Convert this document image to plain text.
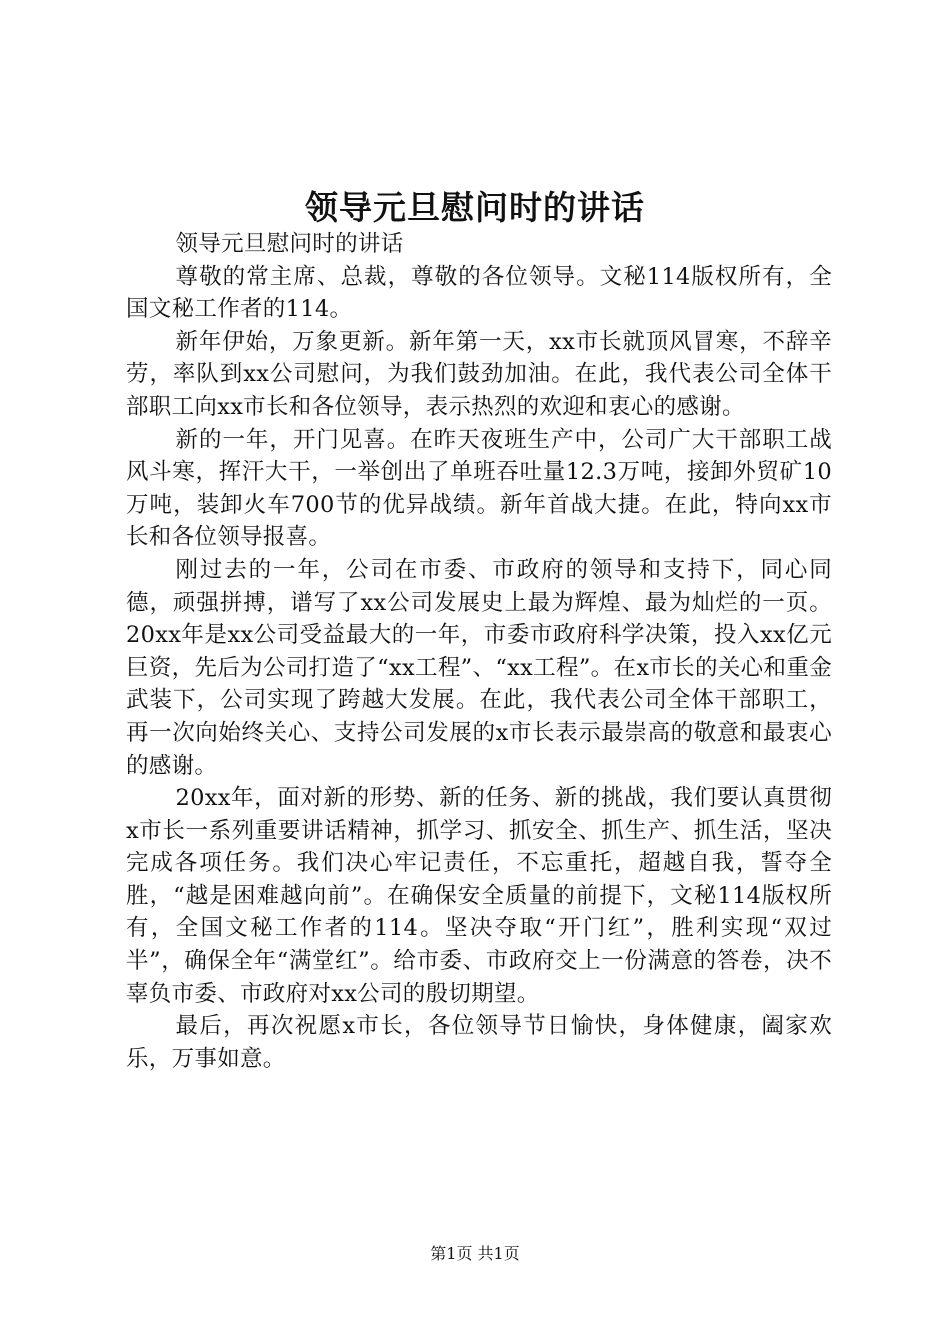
领导元旦慰问时的讲话

领导元旦慰问时的讲话

尊敬的常主席、总裁，尊敬的各位领导。文秘114版权所有，全国文秘工作者的114。

新年伊始，万象更新。新年第一天，xx市长就顶风冒寒，不辞辛劳，率队到xx公司慰问，为我们鼓劲加油。在此，我代表公司全体干部职工向xx市长和各位领导，表示热烈的欢迎和衷心的感谢。

新的一年，开门见喜。在昨天夜班生产中，公司广大干部职工战风斗寒，挥汗大干，一举创出了单班吞吐量12.3万吨，接卸外贸矿10万吨，装卸火车700节的优异战绩。新年首战大捷。在此，特向xx市长和各位领导报喜。

刚过去的一年，公司在市委、市政府的领导和支持下，同心同德，顽强拼搏，谱写了xx公司发展史上最为辉煌、最为灿烂的一页。20xx年是xx公司受益最大的一年，市委市政府科学决策，投入xx亿元巨资，先后为公司打造了“xx工程”、“xx工程”。在x市长的关心和重金武装下，公司实现了跨越大发展。在此，我代表公司全体干部职工，再一次向始终关心、支持公司发展的x市长表示最崇高的敬意和最衷心的感谢。

20xx年，面对新的形势、新的任务、新的挑战，我们要认真贯彻x市长一系列重要讲话精神，抓学习、抓安全、抓生产、抓生活，坚决完成各项任务。我们决心牢记责任，不忘重托，超越自我，誓夺全胜，“越是困难越向前”。在确保安全质量的前提下，文秘114版权所有，全国文秘工作者的114。坚决夺取“开门红”，胜利实现“双过半”，确保全年“满堂红”。给市委、市政府交上一份满意的答卷，决不辜负市委、市政府对xx公司的殷切期望。

最后，再次祝愿x市长，各位领导节日愉快，身体健康，阖家欢乐，万事如意。

第1页 共1页
